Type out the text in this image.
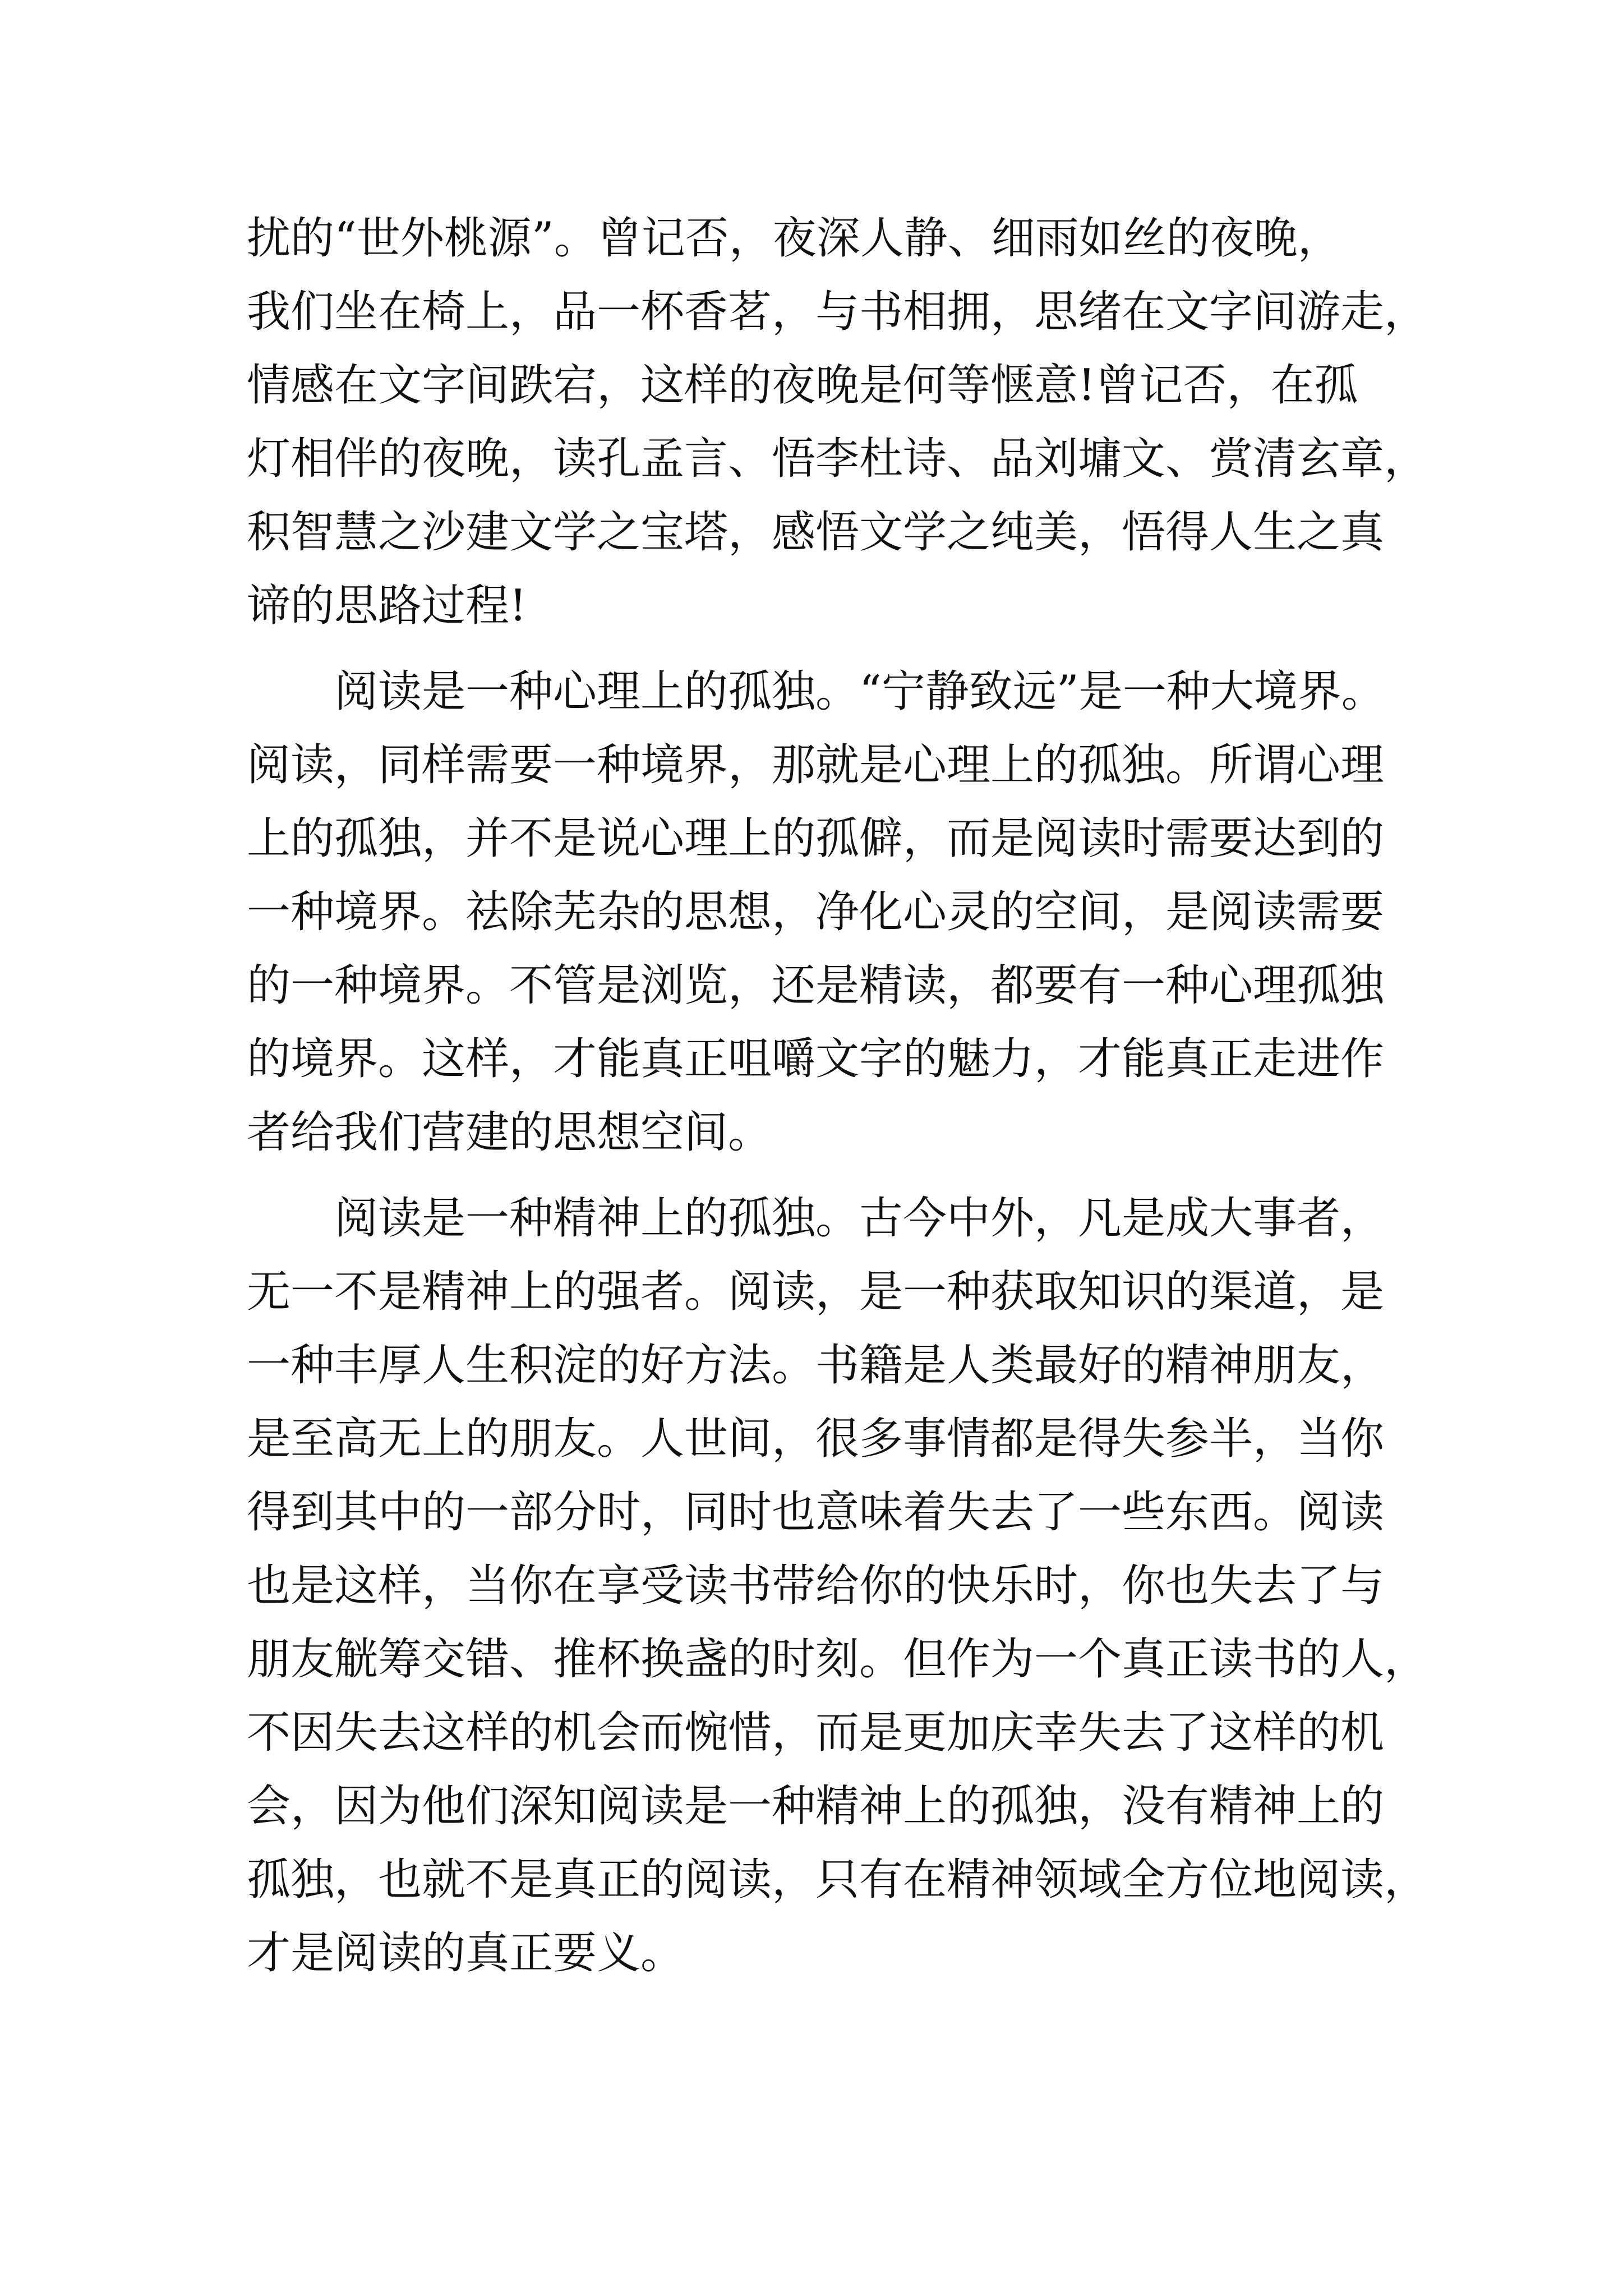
扰的“世外桃源”。曾记否，夜深人静、细雨如丝的夜晚，
我们坐在椅上，品一杯香茗，与书相拥，思绪在文字间游走，
情感在文字间跌宕，这样的夜晚是何等惬意!曾记否，在孤
灯相伴的夜晚，读孔孟言、悟李杜诗、品刘墉文、赏清玄章，
积智慧之沙建文学之宝塔，感悟文学之纯美，悟得人生之真
谛的思路过程!
　　阅读是一种心理上的孤独。“宁静致远”是一种大境界。
阅读，同样需要一种境界，那就是心理上的孤独。所谓心理
上的孤独，并不是说心理上的孤僻，而是阅读时需要达到的
一种境界。祛除芜杂的思想，净化心灵的空间，是阅读需要
的一种境界。不管是浏览，还是精读，都要有一种心理孤独
的境界。这样，才能真正咀嚼文字的魅力，才能真正走进作
者给我们营建的思想空间。
　　阅读是一种精神上的孤独。古今中外，凡是成大事者，
无一不是精神上的强者。阅读，是一种获取知识的渠道，是
一种丰厚人生积淀的好方法。书籍是人类最好的精神朋友，
是至高无上的朋友。人世间，很多事情都是得失参半，当你
得到其中的一部分时，同时也意味着失去了一些东西。阅读
也是这样，当你在享受读书带给你的快乐时，你也失去了与
朋友觥筹交错、推杯换盏的时刻。但作为一个真正读书的人，
不因失去这样的机会而惋惜，而是更加庆幸失去了这样的机
会，因为他们深知阅读是一种精神上的孤独，没有精神上的
孤独，也就不是真正的阅读，只有在精神领域全方位地阅读，
才是阅读的真正要义。
